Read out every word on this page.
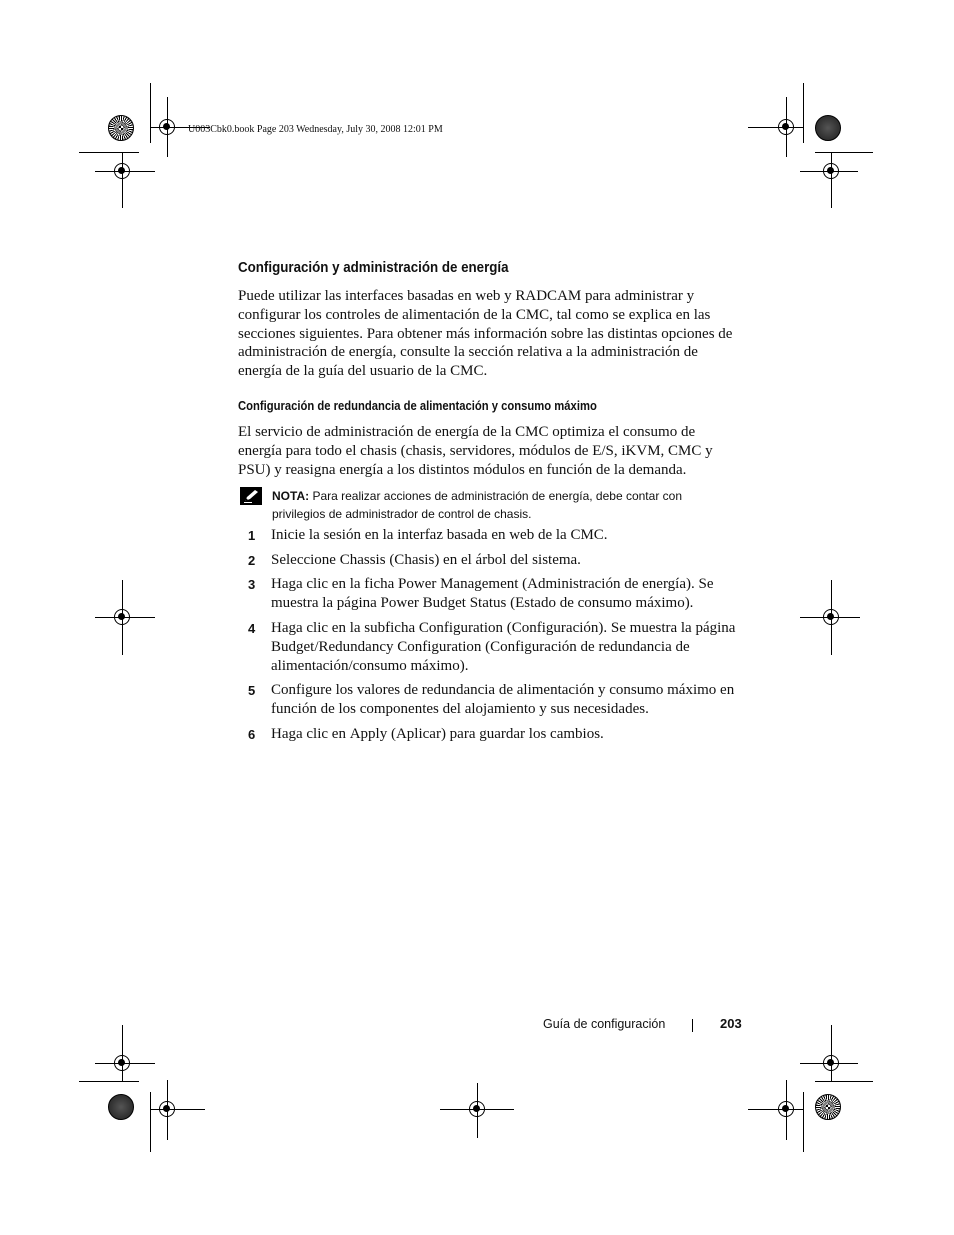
U003Cbk0.book Page 203 Wednesday, July 30, 2008 12:01 PM
Configuración y administración de energía

Puede utilizar las interfaces basadas en web y RADCAM para administrar y configurar los controles de alimentación de la CMC, tal como se explica en las secciones siguientes. Para obtener más información sobre las distintas opciones de administración de energía, consulte la sección relativa a la administración de energía de la guía del usuario de la CMC.

Configuración de redundancia de alimentación y consumo máximo

El servicio de administración de energía de la CMC optimiza el consumo de energía para todo el chasis (chasis, servidores, módulos de E/S, iKVM, CMC y PSU) y reasigna energía a los distintos módulos en función de la demanda.

NOTA: Para realizar acciones de administración de energía, debe contar con privilegios de administrador de control de chasis.
1 Inicie la sesión en la interfaz basada en web de la CMC.
2 Seleccione Chassis (Chasis) en el árbol del sistema.
3 Haga clic en la ficha Power Management (Administración de energía). Se muestra la página Power Budget Status (Estado de consumo máximo).
4 Haga clic en la subficha Configuration (Configuración). Se muestra la página Budget/Redundancy Configuration (Configuración de redundancia de alimentación/consumo máximo).
5 Configure los valores de redundancia de alimentación y consumo máximo en función de los componentes del alojamiento y sus necesidades.
6 Haga clic en Apply (Aplicar) para guardar los cambios.
Guía de configuración	203
